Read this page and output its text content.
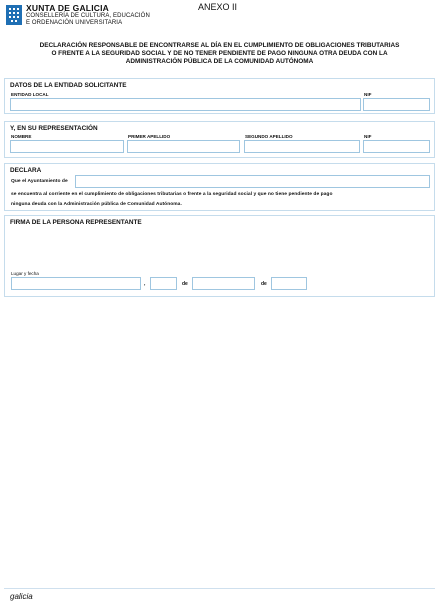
XUNTA DE GALICIA
CONSELLERÍA DE CULTURA, EDUCACIÓN
E ORDENACIÓN UNIVERSITARIA
ANEXO II
DECLARACIÓN RESPONSABLE DE ENCONTRARSE AL DÍA EN EL CUMPLIMIENTO DE OBLIGACIONES TRIBUTARIAS
O FRENTE A LA SEGURIDAD SOCIAL Y DE NO TENER PENDIENTE DE PAGO NINGUNA OTRA DEUDA CON LA
ADMINISTRACIÓN PÚBLICA DE LA COMUNIDAD AUTÓNOMA
DATOS DE LA ENTIDAD SOLICITANTE
ENTIDAD LOCAL	NIF
Y, EN SU REPRESENTACIÓN
NOMBRE	PRIMER APELLIDO	SEGUNDO APELLIDO	NIF
DECLARA
Que el Ayuntamiento de
se encuentra al corriente en el cumplimiento de obligaciones tributarias o frente a la seguridad social y que no tiene pendiente de pago
ninguna deuda con la Administración pública de Comunidad Autónoma.
FIRMA DE LA PERSONA REPRESENTANTE
Lugar y fecha
,	de	de
galicia
